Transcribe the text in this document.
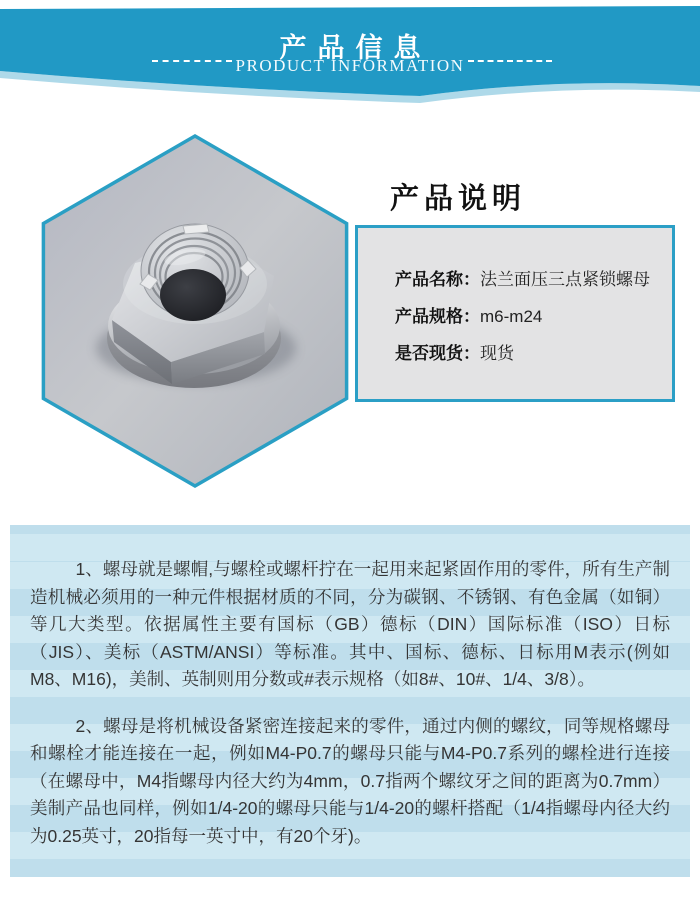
产品信息
PRODUCT INFORMATION
产品说明
产品名称：法兰面压三点紧锁螺母
产品规格：m6-m24
是否现货：现货

1、螺母就是螺帽,与螺栓或螺杆拧在一起用来起紧固作用的零件，所有生产制造机械必须用的一种元件根据材质的不同，分为碳钢、不锈钢、有色金属（如铜）等几大类型。依据属性主要有国标（GB）德标（DIN）国际标准（ISO）日标（JIS）、美标（ASTM/ANSI）等标准。其中、国标、德标、日标用M表示(例如M8、M16)，美制、英制则用分数或#表示规格（如8#、10#、1/4、3/8）。

2、螺母是将机械设备紧密连接起来的零件，通过内侧的螺纹，同等规格螺母和螺栓才能连接在一起，例如M4-P0.7的螺母只能与M4-P0.7系列的螺栓进行连接（在螺母中，M4指螺母内径大约为4mm，0.7指两个螺纹牙之间的距离为0.7mm）美制产品也同样，例如1/4-20的螺母只能与1/4-20的螺杆搭配（1/4指螺母内径大约为0.25英寸，20指每一英寸中，有20个牙)。
